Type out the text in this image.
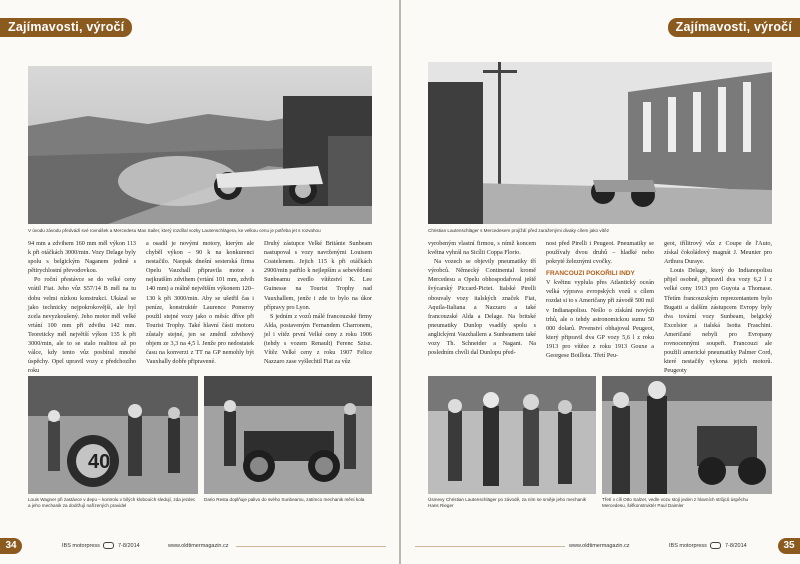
Zajímavosti, výročí
V úvodu závodu předvádí své rovnášek a Mercedesu Max Sailer, který rozdílal vozky Lautenschlägera, ke velkou cenu je potřeba jet s rozvahou

94 mm a zdvihem 160 mm měl výkon 113 k při otáčkách 3000/min. Vozy Delage byly spolu s belgickým Naganem jediné s pětirychlostní převodovkou.

Po roční přestávce se do velké ceny vrátil Fiat. Jeho vůz S57/14 B měl na tu dobu velmi nízkou konstrukci. Ukázal se jako technicky nejpokrokovější, ale byl zcela nevyzkoušený. Jeho motor měl velké vrtání 100 mm při zdvihu 142 mm. Teoreticky měl největší výkon 135 k při 3000/min, ale to se stalo realitou až po válce, kdy tento vůz posbíral mnohé úspěchy. Opel upravil vozy z předchozího roku

a osadil je novými motory, kterým ale chyběl výkon – 90 k na konkurenci nestačilo. Naopak dnešní sesterská firma Opelu Vauxhall připravila motor s nejkratším zdvihem (vrtání 101 mm, zdvih 140 mm) a reálně největším výkonem 120–130 k při 3000/min. Aby se ušetřil čas i peníze, konstruktér Laurence Pomeroy použil stejné vozy jako o měsíc dříve při Tourist Trophy. Také hlavní části motoru zůstaly stejné, jen se změnil zdvihový objem ze 3,3 na 4,5 l. Jenže pro nedostatek času na konverzi z TT na GP nemohly být Vauxhally dobře připravené.

Druhý zástupce Velké Británie Sunbeam nastupoval s vozy navrženými Louisem Coatelenem. Jejich 115 k při otáčkách 2900/min patřilo k nejlepším a sebevědomí Sunbeamu zvedlo vítězství K. Lee Guinesse na Tourist Trophy nad Vauxhallem, jenže i zde to bylo na úkor přípravy pro Lyon.

S jedním z vozů málé francouzské firmy Alda, postaveným Fernandem Charronem, jel i vítěz první Velké ceny z roku 1906 (tehdy s vozem Renault) Ferenc Szisz. Vítěz Velké ceny z roku 1907 Felice Nazzaro zase vyšlechtil Fiat za vůz

40
Louis Wagner při zastávce v depu – kontrolu v bílých klobouích sledují, zda jezdec a jeho mechanik za dodržují nařízených pravidel
Dario Resta doplňuje palivo do svého Sunbeamu, zatímco mechanik mění kola
34	IBS motorpress	7-8/2014	www.oldtimermagazin.cz
Zajímavosti, výročí
Christian Lautenschläger s Mercedesem projíždí před zaraženými divaky cílem jako vítěz

vyrobeným vlastní firmou, s nímž koncem května vyhrál na Sicílii Coppa Florio.

Na vozech se objevily pneumatiky tří výrobců. Německý Continental kromě Mercedesu a Opelu obhospodařoval ještě švýcarský Piccard-Pictet. Italské Pirelli obouvaly vozy italských značek Fiat, Aquila-Italiana a Nazzaro a také francouzské Alda a Delage. Na britské pneumatiky Dunlop vsadily spolu s anglickými Vauxhallem a Sunbeamem také vozy Th. Schneider a Nagant. Na posledním chvíli dal Dunlopu před-

nost před Pirelli i Peugeot. Pneumatiky se používaly dvou druhů – hladké nebo pokryté železnými cvočky.

FRANCOUZI POKOŘILI INDY

V květnu vyplula přes Atlantický oceán velká výprava evropských vozů s cílem rozdat si to s Američany při závodě 500 mil v Indianapolisu. Nešlo o získání nových trhů, ale o tehdy astronomickou sumu 50 000 dolarů. Prvenství obhajoval Peugeot, který připravil dva GP vozy 5,6 l z roku 1913 pro vítěze z roku 1913 Gouxe a Georgese Boillota. Třetí Peu-

geot, třílitrový vůz z Coupe de l'Auto, získal čokoládový magnát J. Meunier pro Arthura Duraye.

Louis Delage, který do Indianopolisu přijel osobně, připravil dva vozy 6,2 l z velké ceny 1913 pro Guyota a Thomase. Třetím francouzským reprezentantem bylo Bugatti a dalším zástupcem Evropy byly dva tovární vozy Sunbeam, belgický Excelsior a italská Isotta Fraschini. Američané nebyli pro Evropany rovnocennými soupeři. Francouzi ale použili americké pneumatiky Palmer Cord, které nestačily vykona jejich motorů. Peugeoty

Úsmevy Christian Lautenschläger po závodě, za ním se směje jeho mechanik Hans Rieger
Třetí v cíli Otto Salzer, vedle vozu stojí jeden z hlavních strůjců úspěchu Mercedesu, šéfkonstruktér Paul Daimler
www.oldtimermagazin.cz	IBS motorpress	7-8/2014	35
